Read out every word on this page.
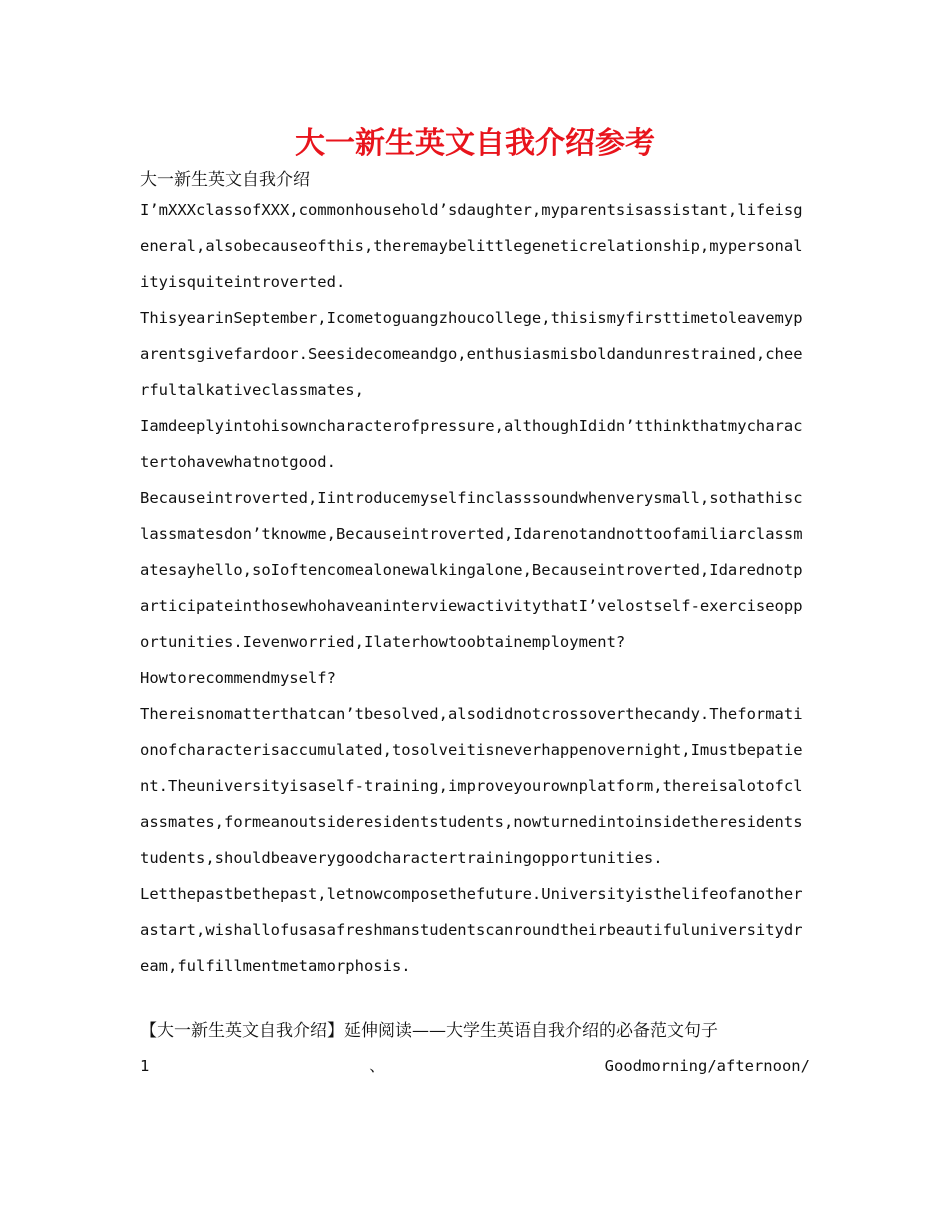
大一新生英文自我介绍参考
大一新生英文自我介绍

I’mXXXclassofXXX,commonhousehold’sdaughter,myparentsisassistant,lifeisgeneral,alsobecauseofthis,theremaybelittlegeneticrelationship,mypersonalityisquiteintroverted.

ThisyearinSeptember,Icometoguangzhoucollege,thisismyfirsttimetoleavemyparentsgivefardoor.Seesidecomeandgo,enthusiasmisboldandunrestrained,cheerfultalkativeclassmates,

Iamdeeplyintohisowncharacterofpressure,althoughIdidn’tthinkthatmycharactertohavewhatnotgood.

Becauseintroverted,Iintroducemyselfinclasssoundwhenverysmall,sothathisclassmatesdon’tknowme,Becauseintroverted,Idarenotandnottoofamiliarclassmatesayhello,soIoftencomealonewalkingalone,Becauseintroverted,IdarednotparticipateinthosewhohaveaninterviewactivitythatI’velostself-exerciseopportunities.Ievenworried,Ilaterhowtoobtainemployment?

Howtorecommendmyself?

Thereisnomatterthatcan’tbesolved,alsodidnotcrossoverthecandy.Theformationofcharacterisaccumulated,tosolveitisneverhappenovernight,Imustbepatient.Theuniversityisaself-training,improveyourownplatform,thereisalotofclassmates,formeanoutsideresidentstudents,nowturnedintoinsidetheresidentstudents,shouldbeaverygoodcharactertrainingopportunities.

Letthepastbethepast,letnowcomposethefuture.Universityisthelifeofanotherastart,wishallofusasafreshmanstudentscanroundtheirbeautifuluniversitydream,fulfillmentmetamorphosis.

【大一新生英文自我介绍】延伸阅读——大学生英语自我介绍的必备范文句子
1	、	Goodmorning/afternoon/
